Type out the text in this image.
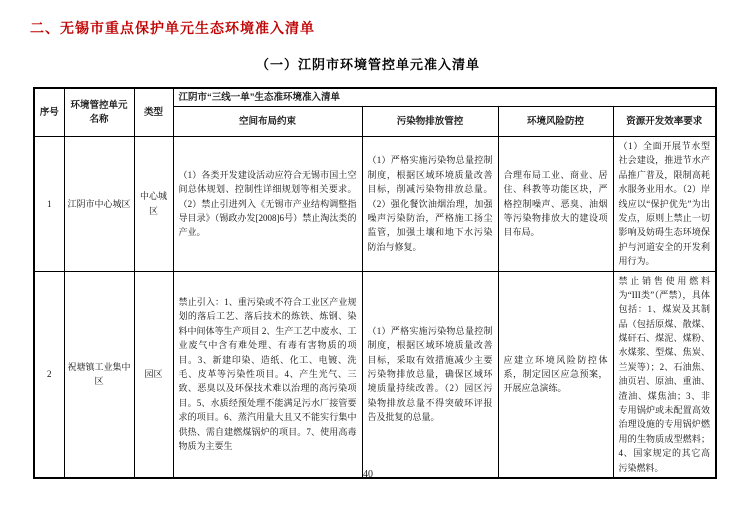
二、无锡市重点保护单元生态环境准入清单
（一）江阴市环境管控单元准入清单
序号	环境管控单元名称	类型	江阴市“三线一单”生态准环境准入清单			
			空间布局约束	污染物排放管控	环境风险防控	资源开发效率要求
1	江阴市中心城区	中心城区	（1）各类开发建设活动应符合无锡市国土空间总体规划、控制性详细规划等相关要求。（2）禁止引进列入《无锡市产业结构调整指导目录》（锡政办发[2008]6号）禁止淘汰类的产业。	（1）严格实施污染物总量控制制度，根据区域环境质量改善目标，削减污染物排放总量。（2）强化餐饮油烟治理，加强噪声污染防治，严格施工扬尘监管，加强土壤和地下水污染防治与修复。	合理布局工业、商业、居住、科教等功能区块，严格控制噪声、恶臭、油烟等污染物排放大的建设项目布局。	（1）全面开展节水型社会建设，推进节水产品推广普及，限制高耗水服务业用水。（2）岸线应以“保护优先”为出发点，原则上禁止一切影响及妨碍生态环境保护与河道安全的开发利用行为。
2	祝塘镇工业集中区	园区	禁止引入：1、重污染或不符合工业区产业规划的落后工艺、落后技术的炼铁、炼钢、染料中间体等生产项目 2、生产工艺中废水、工业废气中含有难处理、有毒有害物质的项目。3、新建印染、造纸、化工、电镀、洗毛、皮革等污染性项目。4、产生光气、三致、恶臭以及环保技术难以治理的高污染项目。5、水质经预处理不能满足污水厂接管要求的项目。6、蒸汽用量大且又不能实行集中供热、需自建燃煤锅炉的项目。7、使用高毒物质为主要生	（1）严格实施污染物总量控制制度，根据区域环境质量改善目标，采取有效措施减少主要污染物排放总量，确保区域环境质量持续改善。（2）园区污染物排放总量不得突破环评报告及批复的总量。	应建立环境风险防控体系，制定园区应急预案，开展应急演练。	禁止销售使用燃料为“III类”（严禁），具体包括：1、煤炭及其制品（包括原煤、散煤、煤矸石、煤泥、煤粉、水煤浆、型煤、焦炭、兰炭等）；2、石油焦、油页岩、原油、重油、渣油、煤焦油；3、非专用锅炉或未配置高效治理设施的专用锅炉燃用的生物质成型燃料；4、国家规定的其它高污染燃料。
40
